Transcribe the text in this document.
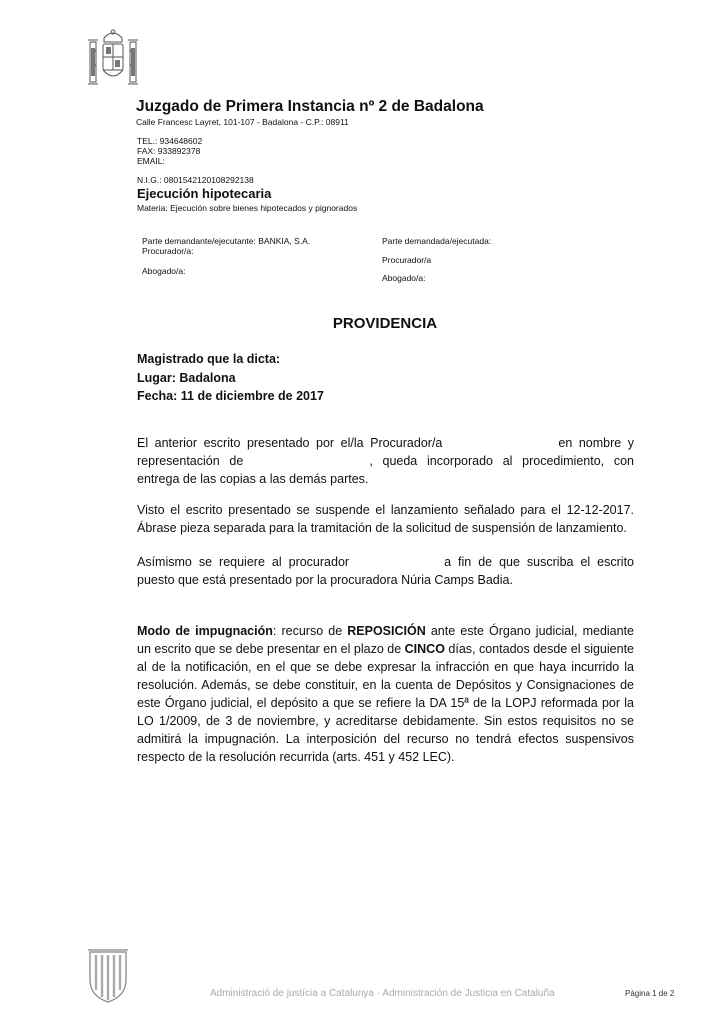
Juzgado de Primera Instancia nº 2 de Badalona
Calle Francesc Layret, 101-107 - Badalona - C.P.: 08911
TEL.: 934648602
FAX: 933892378
EMAIL:
N.I.G.: 0801542120108292138
Ejecución hipotecaria
Materia: Ejecución sobre bienes hipotecados y pignorados
Parte demandante/ejecutante: BANKIA, S.A.
Procurador/a:
Abogado/a:
Parte demandada/ejecutada:
Procurador/a
Abogado/a:
PROVIDENCIA
Magistrado que la dicta:
Lugar: Badalona
Fecha: 11 de diciembre de 2017
El anterior escrito presentado por el/la Procurador/a	en nombre y representación de	, queda incorporado al procedimiento, con entrega de las copias a las demás partes.
Visto el escrito presentado se suspende el lanzamiento señalado para el 12-12-2017. Ábrase pieza separada para la tramitación de la solicitud de suspensión de lanzamiento.
Asímismo se requiere al procurador	a fin de que suscriba el escrito puesto que está presentado por la procuradora Núria Camps Badia.
Modo de impugnación: recurso de REPOSICIÓN ante este Órgano judicial, mediante un escrito que se debe presentar en el plazo de CINCO días, contados desde el siguiente al de la notificación, en el que se debe expresar la infracción en que haya incurrido la resolución. Además, se debe constituir, en la cuenta de Depósitos y Consignaciones de este Órgano judicial, el depósito a que se refiere la DA 15ª de la LOPJ reformada por la LO 1/2009, de 3 de noviembre, y acreditarse debidamente. Sin estos requisitos no se admitirá la impugnación. La interposición del recurso no tendrá efectos suspensivos respecto de la resolución recurrida (arts. 451 y 452 LEC).
Administració de justícia a Catalunya · Administración de Justicia en Cataluña	Pàgina 1 de 2
